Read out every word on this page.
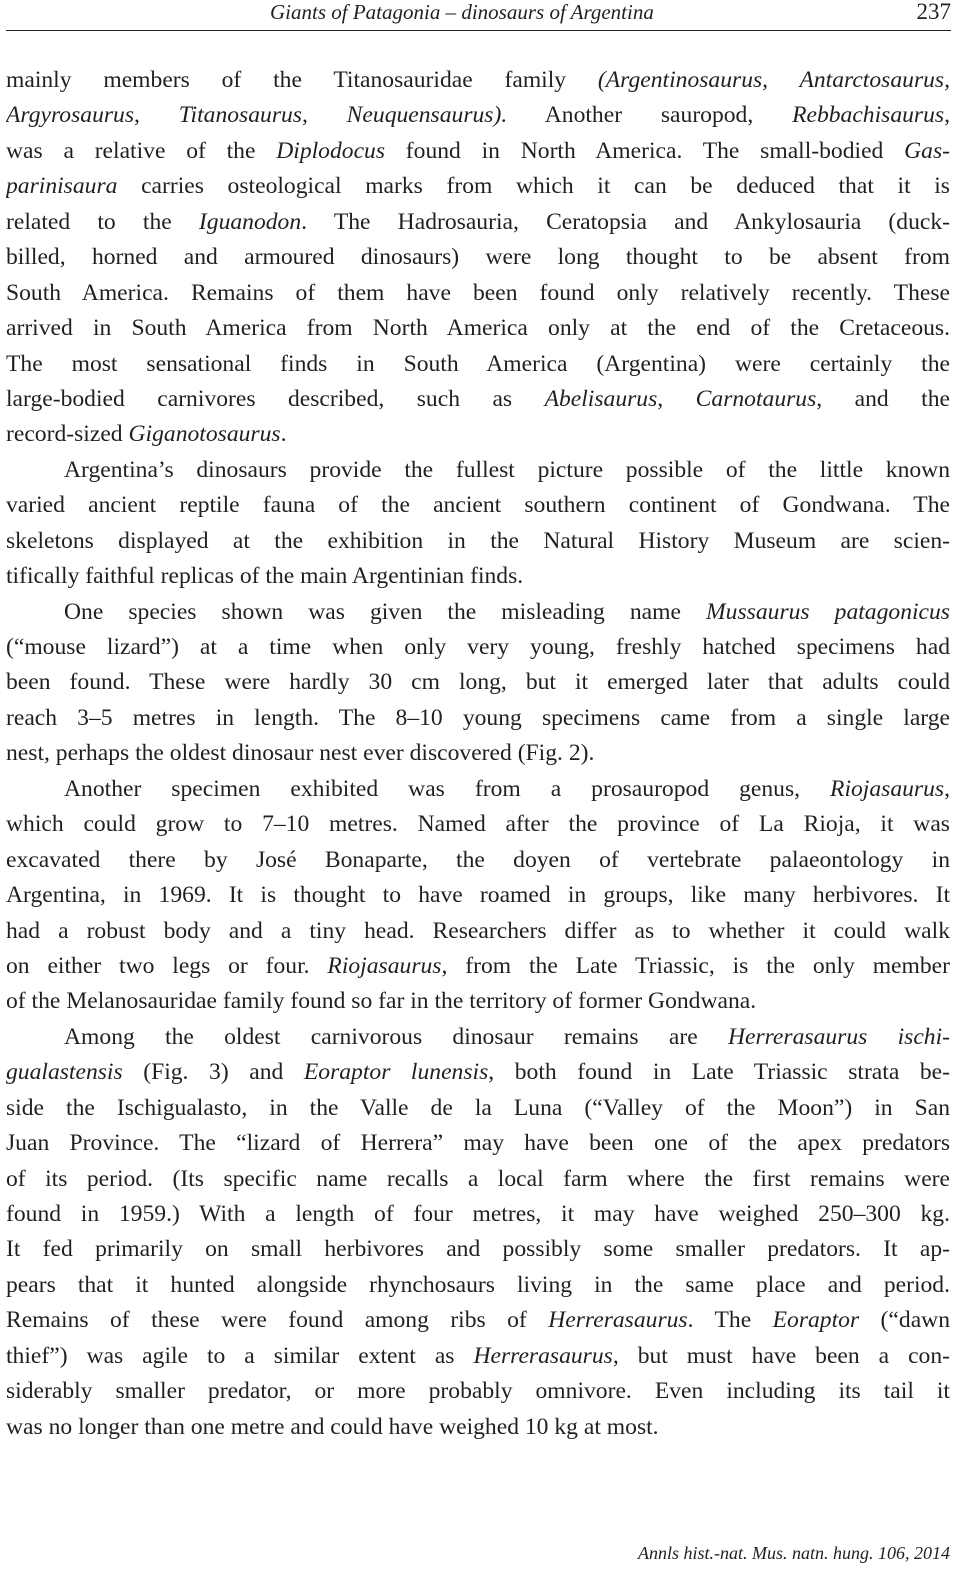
Giants of Patagonia – dinosaurs of Argentina	237
mainly members of the Titanosauridae family (Argentinosaurus, Antarctosaurus,
Argyrosaurus, Titanosaurus, Neuquensaurus). Another sauropod, Rebbachisaurus,
was a relative of the Diplodocus found in North America. The small-bodied Gas-
parinisaura carries osteological marks from which it can be deduced that it is
related to the Iguanodon. The Hadrosauria, Ceratopsia and Ankylosauria (duck-
billed, horned and armoured dinosaurs) were long thought to be absent from
South America. Remains of them have been found only relatively recently. These
arrived in South America from North America only at the end of the Cretaceous.
The most sensational finds in South America (Argentina) were certainly the
large-bodied carnivores described, such as Abelisaurus, Carnotaurus, and the
record-sized Giganotosaurus.
Argentina’s dinosaurs provide the fullest picture possible of the little known
varied ancient reptile fauna of the ancient southern continent of Gondwana. The
skeletons displayed at the exhibition in the Natural History Museum are scien-
tifically faithful replicas of the main Argentinian finds.
One species shown was given the misleading name Mussaurus patagonicus
(“mouse lizard”) at a time when only very young, freshly hatched specimens had
been found. These were hardly 30 cm long, but it emerged later that adults could
reach 3–5 metres in length. The 8–10 young specimens came from a single large
nest, perhaps the oldest dinosaur nest ever discovered (Fig. 2).
Another specimen exhibited was from a prosauropod genus, Riojasaurus,
which could grow to 7–10 metres. Named after the province of La Rioja, it was
excavated there by José Bonaparte, the doyen of vertebrate palaeontology in
Argentina, in 1969. It is thought to have roamed in groups, like many herbivores. It
had a robust body and a tiny head. Researchers differ as to whether it could walk
on either two legs or four. Riojasaurus, from the Late Triassic, is the only member
of the Melanosauridae family found so far in the territory of former Gondwana.
Among the oldest carnivorous dinosaur remains are Herrerasaurus ischi-
gualastensis (Fig. 3) and Eoraptor lunensis, both found in Late Triassic strata be-
side the Ischigualasto, in the Valle de la Luna (“Valley of the Moon”) in San
Juan Province. The “lizard of Herrera” may have been one of the apex predators
of its period. (Its specific name recalls a local farm where the first remains were
found in 1959.) With a length of four metres, it may have weighed 250–300 kg.
It fed primarily on small herbivores and possibly some smaller predators. It ap-
pears that it hunted alongside rhynchosaurs living in the same place and period.
Remains of these were found among ribs of Herrerasaurus. The Eoraptor (“dawn
thief”) was agile to a similar extent as Herrerasaurus, but must have been a con-
siderably smaller predator, or more probably omnivore. Even including its tail it
was no longer than one metre and could have weighed 10 kg at most.
Annls hist.-nat. Mus. natn. hung. 106, 2014
